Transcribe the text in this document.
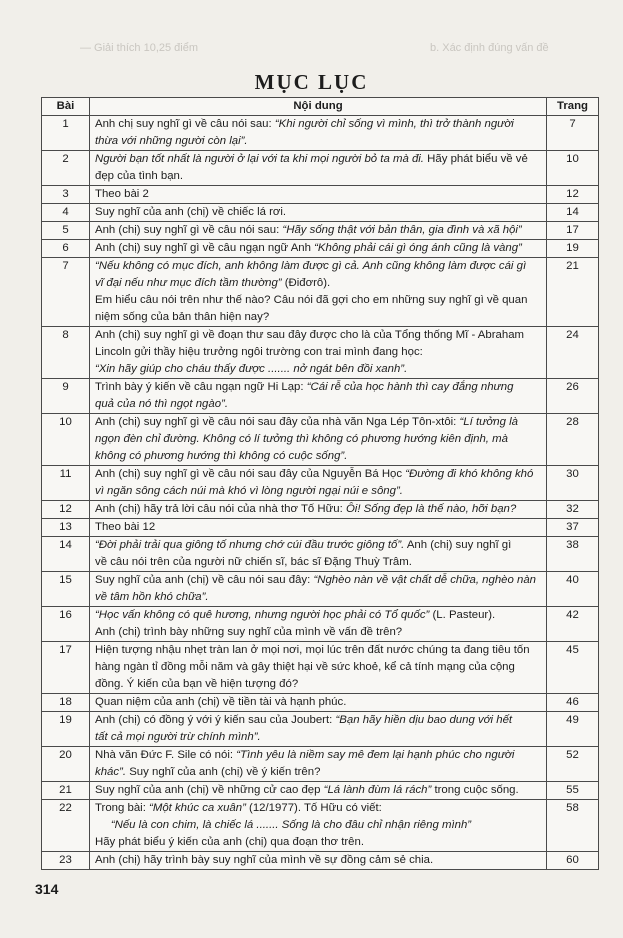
— Giải thích 10,25 điểm	b. Xác định đúng vấn đề
MỤC LỤC
Bài	Nội dung	Trang
1	Anh chị suy nghĩ gì về câu nói sau: “Khi người chỉ sống vì mình, thì trở thành người
thừa với những người còn lại”.	7
2	Người bạn tốt nhất là người ở lại với ta khi mọi người bỏ ta mà đi. Hãy phát biểu về vẻ
đẹp của tình bạn.	10
3	Theo bài 2	12
4	Suy nghĩ của anh (chị) về chiếc lá rơi.	14
5	Anh (chị) suy nghĩ gì về câu nói sau: “Hãy sống thật với bản thân, gia đình và xã hội”	17
6	Anh (chị) suy nghĩ gì về câu ngạn ngữ Anh “Không phải cái gì óng ánh cũng là vàng”	19
7	“Nếu không có mục đích, anh không làm được gì cả. Anh cũng không làm được cái gì
vĩ đại nếu như mục đích tầm thường” (Điđơrô).
Em hiểu câu nói trên như thế nào? Câu nói đã gợi cho em những suy nghĩ gì về quan
niệm sống của bản thân hiện nay?	21
8	Anh (chị) suy nghĩ gì về đoạn thư sau đây được cho là của Tổng thống Mĩ - Abraham
Lincoln gửi thầy hiệu trưởng ngôi trường con trai mình đang học:
“Xin hãy giúp cho cháu thấy được ....... nở ngát bên đồi xanh”.	24
9	Trình bày ý kiến về câu ngạn ngữ Hi Lạp: “Cái rễ của học hành thì cay đắng nhưng
quả của nó thì ngọt ngào”.	26
10	Anh (chị) suy nghĩ gì về câu nói sau đây của nhà văn Nga Lép Tôn-xtôi: “Lí tưởng là
ngọn đèn chỉ đường. Không có lí tưởng thì không có phương hướng kiên định, mà
không có phương hướng thì không có cuộc sống”.	28
11	Anh (chị) suy nghĩ gì về câu nói sau đây của Nguyễn Bá Học “Đường đi khó không khó
vì ngăn sông cách núi mà khó vì lòng người ngại núi e sông”.	30
12	Anh (chị) hãy trả lời câu nói của nhà thơ Tố Hữu: Ôi! Sống đẹp là thế nào, hỡi bạn?	32
13	Theo bài 12	37
14	“Đời phải trải qua giông tố nhưng chớ cúi đầu trước giông tố”. Anh (chị) suy nghĩ gì
về câu nói trên của người nữ chiến sĩ, bác sĩ Đặng Thuỳ Trâm.	38
15	Suy nghĩ của anh (chị) về câu nói sau đây: “Nghèo nàn về vật chất dễ chữa, nghèo nàn
về tâm hồn khó chữa”.	40
16	“Học vấn không có quê hương, nhưng người học phải có Tổ quốc” (L. Pasteur).
Anh (chị) trình bày những suy nghĩ của mình về vấn đề trên?	42
17	Hiện tượng nhậu nhẹt tràn lan ở mọi nơi, mọi lúc trên đất nước chúng ta đang tiêu tốn
hàng ngàn tỉ đồng mỗi năm và gây thiệt hại về sức khoẻ, kể cả tính mạng của cộng
đồng. Ý kiến của bạn về hiện tượng đó?	45
18	Quan niệm của anh (chị) về tiền tài và hạnh phúc.	46
19	Anh (chị) có đồng ý với ý kiến sau của Joubert: “Bạn hãy hiền dịu bao dung với hết
tất cả mọi người trừ chính mình”.	49
20	Nhà văn Đức F. Sile có nói: “Tình yêu là niềm say mê đem lại hạnh phúc cho người
khác”. Suy nghĩ của anh (chị) về ý kiến trên?	52
21	Suy nghĩ của anh (chị) về những cử cao đẹp “Lá lành đùm lá rách” trong cuộc sống.	55
22	Trong bài: “Một khúc ca xuân” (12/1977). Tố Hữu có viết:
“Nếu là con chim, là chiếc lá ....... Sống là cho đâu chỉ nhận riêng mình”
Hãy phát biểu ý kiến của anh (chị) qua đoạn thơ trên.	58
23	Anh (chị) hãy trình bày suy nghĩ của mình về sự đồng cảm sẻ chia.	60
314
